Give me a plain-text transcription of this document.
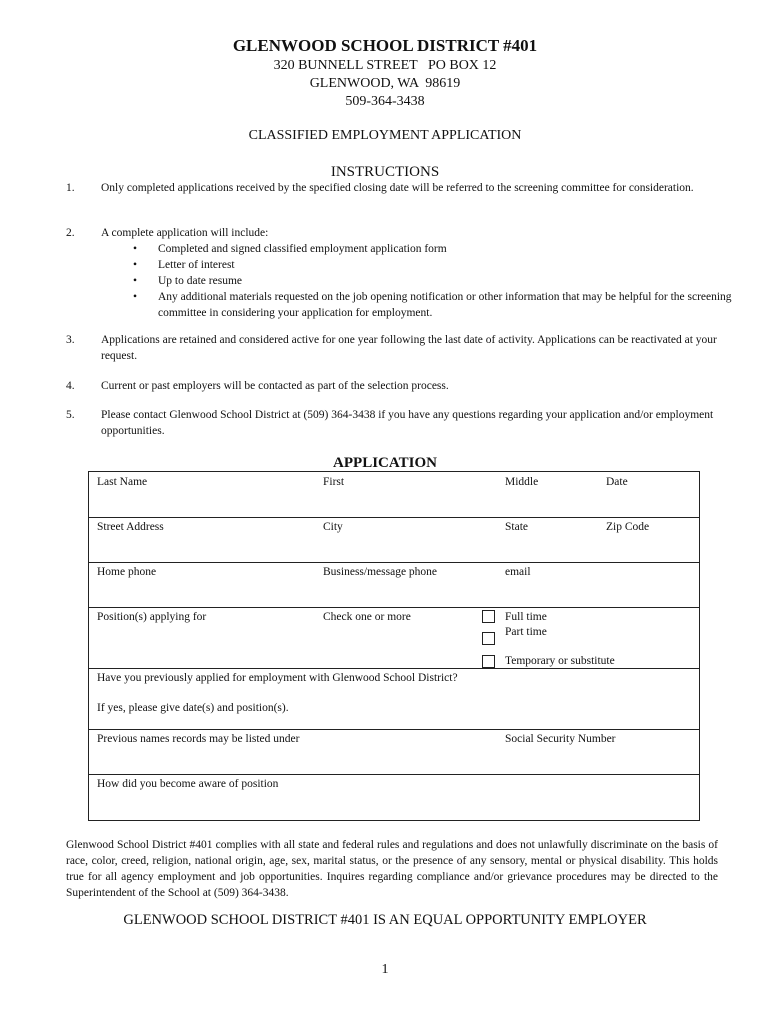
GLENWOOD SCHOOL DISTRICT #401
320 BUNNELL STREET   PO BOX 12
GLENWOOD, WA  98619
509-364-3438
CLASSIFIED EMPLOYMENT APPLICATION
INSTRUCTIONS
1.	Only completed applications received by the specified closing date will be referred to the screening committee for consideration.
2.	A complete application will include:
• Completed and signed classified employment application form
• Letter of interest
• Up to date resume
• Any additional materials requested on the job opening notification or other information that may be helpful for the screening committee in considering your application for employment.
3.	Applications are retained and considered active for one year following the last date of activity. Applications can be reactivated at your request.
4.	Current or past employers will be contacted as part of the selection process.
5.	Please contact Glenwood School District at (509) 364-3438 if you have any questions regarding your application and/or employment opportunities.
APPLICATION
Last Name	First	Middle	Date
Street Address	City	State	Zip Code
Home phone	Business/message phone	email
Position(s) applying for	Check one or more	Full time
Part time
Temporary or substitute
Have you previously applied for employment with Glenwood School District?
If yes, please give date(s) and position(s).
Previous names records may be listed under	Social Security Number
How did you become aware of position
Glenwood School District #401 complies with all state and federal rules and regulations and does not unlawfully discriminate on the basis of race, color, creed, religion, national origin, age, sex, marital status, or the presence of any sensory, mental or physical disability. This holds true for all agency employment and job opportunities. Inquires regarding compliance and/or grievance procedures may be directed to the Superintendent of the School at (509) 364-3438.
GLENWOOD SCHOOL DISTRICT #401 IS AN EQUAL OPPORTUNITY EMPLOYER
1
